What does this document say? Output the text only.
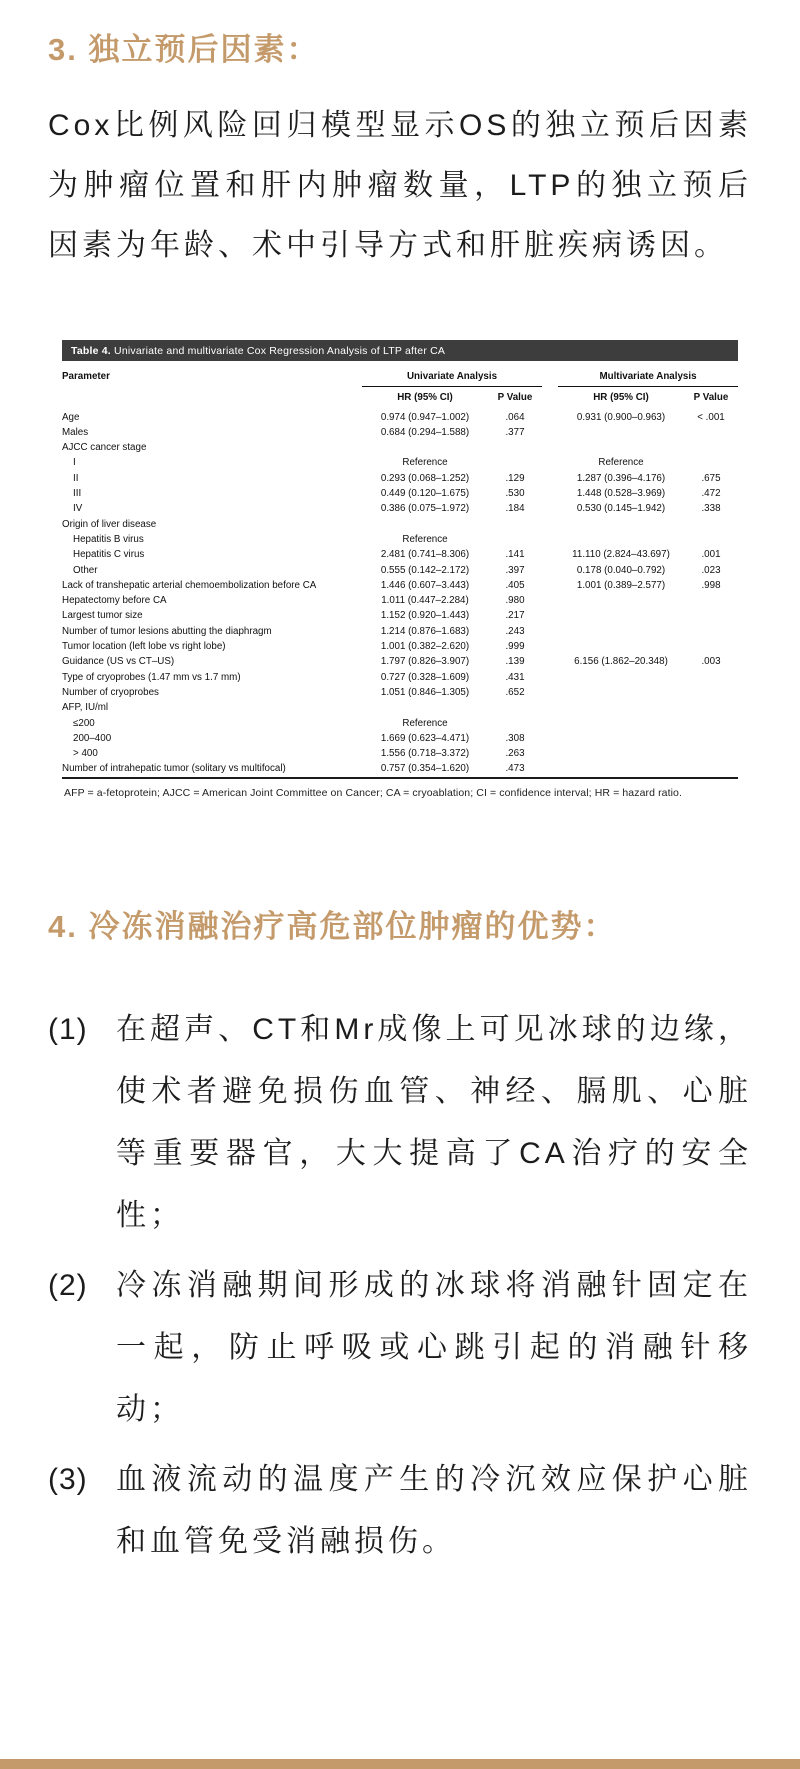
3. 独立预后因素：

Cox比例风险回归模型显示OS的独立预后因素为肿瘤位置和肝内肿瘤数量，LTP的独立预后因素为年龄、术中引导方式和肝脏疾病诱因。

Table 4. Univariate and multivariate Cox Regression Analysis of LTP after CA
Parameter	Univariate Analysis			Multivariate Analysis	
	HR (95% CI)	P Value		HR (95% CI)	P Value
Age	0.974 (0.947–1.002)	.064		0.931 (0.900–0.963)	< .001
Males	0.684 (0.294–1.588)	.377			
AJCC cancer stage					
I	Reference			Reference	
II	0.293 (0.068–1.252)	.129		1.287 (0.396–4.176)	.675
III	0.449 (0.120–1.675)	.530		1.448 (0.528–3.969)	.472
IV	0.386 (0.075–1.972)	.184		0.530 (0.145–1.942)	.338
Origin of liver disease					
Hepatitis B virus	Reference				
Hepatitis C virus	2.481 (0.741–8.306)	.141		11.110 (2.824–43.697)	.001
Other	0.555 (0.142–2.172)	.397		0.178 (0.040–0.792)	.023
Lack of transhepatic arterial chemoembolization before CA	1.446 (0.607–3.443)	.405		1.001 (0.389–2.577)	.998
Hepatectomy before CA	1.011 (0.447–2.284)	.980			
Largest tumor size	1.152 (0.920–1.443)	.217			
Number of tumor lesions abutting the diaphragm	1.214 (0.876–1.683)	.243			
Tumor location (left lobe vs right lobe)	1.001 (0.382–2.620)	.999			
Guidance (US vs CT–US)	1.797 (0.826–3.907)	.139		6.156 (1.862–20.348)	.003
Type of cryoprobes (1.47 mm vs 1.7 mm)	0.727 (0.328–1.609)	.431			
Number of cryoprobes	1.051 (0.846–1.305)	.652			
AFP, IU/ml					
≤200	Reference				
200–400	1.669 (0.623–4.471)	.308			
> 400	1.556 (0.718–3.372)	.263			
Number of intrahepatic tumor (solitary vs multifocal)	0.757 (0.354–1.620)	.473			
AFP = a-fetoprotein; AJCC = American Joint Committee on Cancer; CA = cryoablation; CI = confidence interval; HR = hazard ratio.
4. 冷冻消融治疗高危部位肿瘤的优势：
(1) 在超声、CT和Mr成像上可见冰球的边缘，使术者避免损伤血管、神经、膈肌、心脏等重要器官，大大提高了CA治疗的安全性；
(2) 冷冻消融期间形成的冰球将消融针固定在一起，防止呼吸或心跳引起的消融针移动；
(3) 血液流动的温度产生的冷沉效应保护心脏和血管免受消融损伤。
